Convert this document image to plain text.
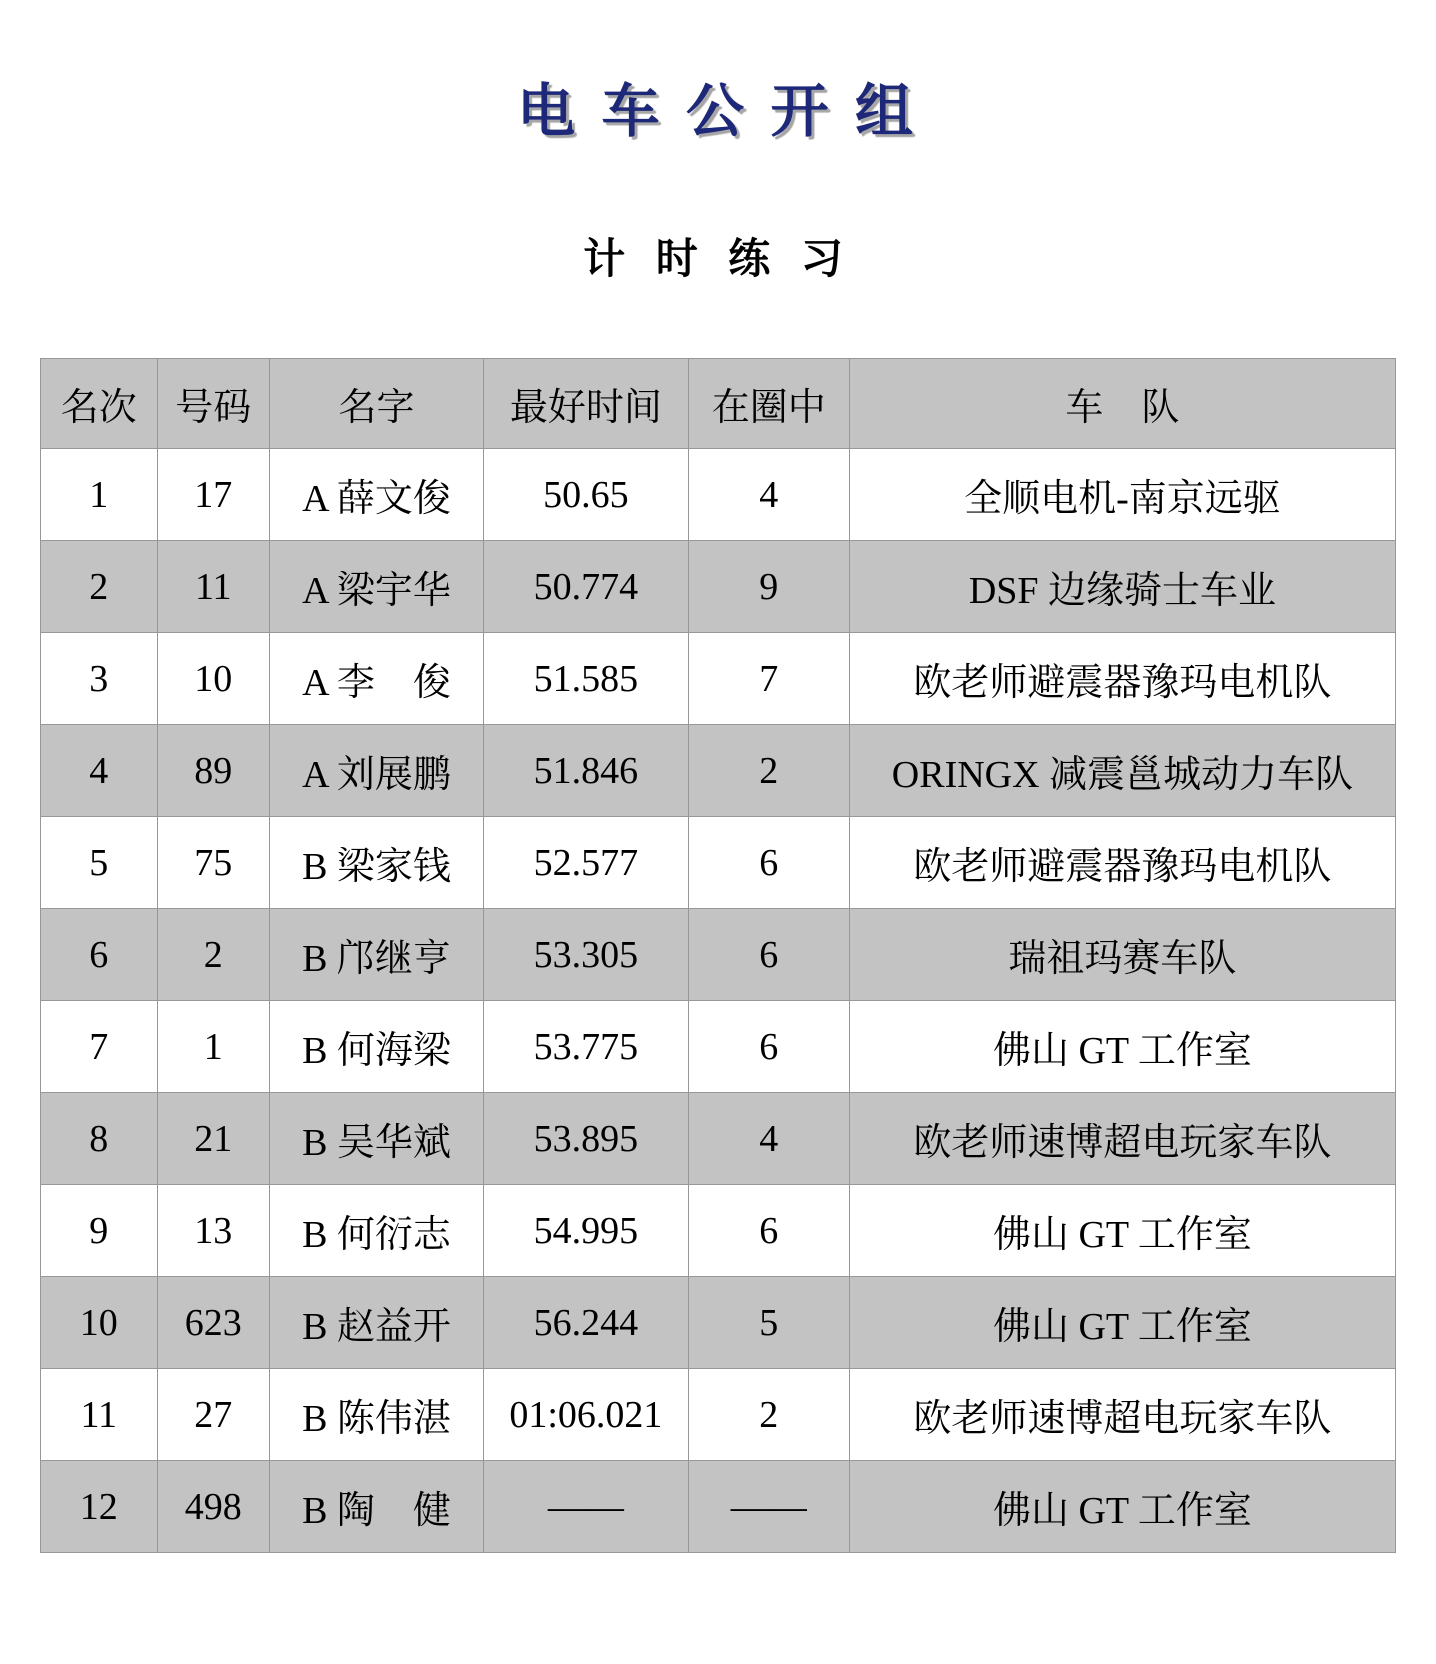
电 车 公 开 组
计 时 练 习
名次	号码	名字	最好时间	在圈中	车　队
1	17	A 薛文俊	50.65	4	全顺电机-南京远驱
2	11	A 梁宇华	50.774	9	DSF 边缘骑士车业
3	10	A 李　俊	51.585	7	欧老师避震器豫玛电机队
4	89	A 刘展鹏	51.846	2	ORINGX 减震邕城动力车队
5	75	B 梁家钱	52.577	6	欧老师避震器豫玛电机队
6	2	B 邝继亨	53.305	6	瑞祖玛赛车队
7	1	B 何海梁	53.775	6	佛山 GT 工作室
8	21	B 吴华斌	53.895	4	欧老师速博超电玩家车队
9	13	B 何衍志	54.995	6	佛山 GT 工作室
10	623	B 赵益开	56.244	5	佛山 GT 工作室
11	27	B 陈伟湛	01:06.021	2	欧老师速博超电玩家车队
12	498	B 陶　健	——	——	佛山 GT 工作室
